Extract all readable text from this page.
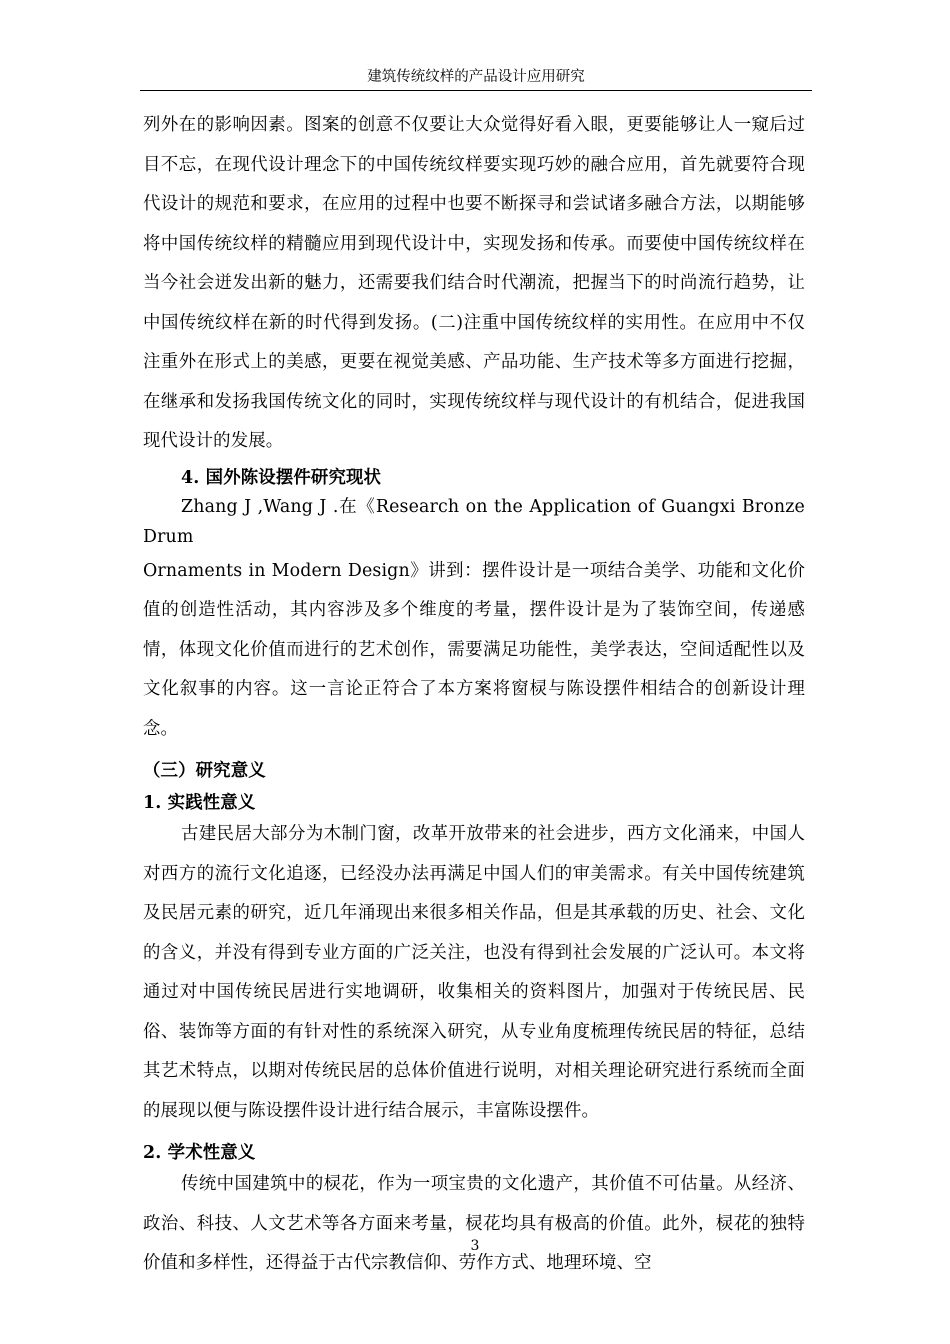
建筑传统纹样的产品设计应用研究

列外在的影响因素。图案的创意不仅要让大众觉得好看入眼，更要能够让人一窥后过目不忘，在现代设计理念下的中国传统纹样要实现巧妙的融合应用，首先就要符合现代设计的规范和要求，在应用的过程中也要不断探寻和尝试诸多融合方法，以期能够将中国传统纹样的精髓应用到现代设计中，实现发扬和传承。而要使中国传统纹样在当今社会迸发出新的魅力，还需要我们结合时代潮流，把握当下的时尚流行趋势，让中国传统纹样在新的时代得到发扬。(二)注重中国传统纹样的实用性。在应用中不仅注重外在形式上的美感，更要在视觉美感、产品功能、生产技术等多方面进行挖掘，在继承和发扬我国传统文化的同时，实现传统纹样与现代设计的有机结合，促进我国现代设计的发展。

4. 国外陈设摆件研究现状

Zhang J ,Wang J .在《Research on the Application of Guangxi Bronze Drum

Ornaments in Modern Design》讲到：摆件设计是一项结合美学、功能和文化价值的创造性活动，其内容涉及多个维度的考量，摆件设计是为了装饰空间，传递感情，体现文化价值而进行的艺术创作，需要满足功能性，美学表达，空间适配性以及文化叙事的内容。这一言论正符合了本方案将窗棂与陈设摆件相结合的创新设计理念。

（三）研究意义
1. 实践性意义

古建民居大部分为木制门窗，改革开放带来的社会进步，西方文化涌来，中国人对西方的流行文化追逐，已经没办法再满足中国人们的审美需求。有关中国传统建筑及民居元素的研究，近几年涌现出来很多相关作品，但是其承载的历史、社会、文化的含义，并没有得到专业方面的广泛关注，也没有得到社会发展的广泛认可。本文将通过对中国传统民居进行实地调研，收集相关的资料图片，加强对于传统民居、民俗、装饰等方面的有针对性的系统深入研究，从专业角度梳理传统民居的特征，总结其艺术特点，以期对传统民居的总体价值进行说明，对相关理论研究进行系统而全面的展现以便与陈设摆件设计进行结合展示，丰富陈设摆件。

2. 学术性意义

传统中国建筑中的棂花，作为一项宝贵的文化遗产，其价值不可估量。从经济、政治、科技、人文艺术等各方面来考量，棂花均具有极高的价值。此外，棂花的独特价值和多样性，还得益于古代宗教信仰、劳作方式、地理环境、空

3
